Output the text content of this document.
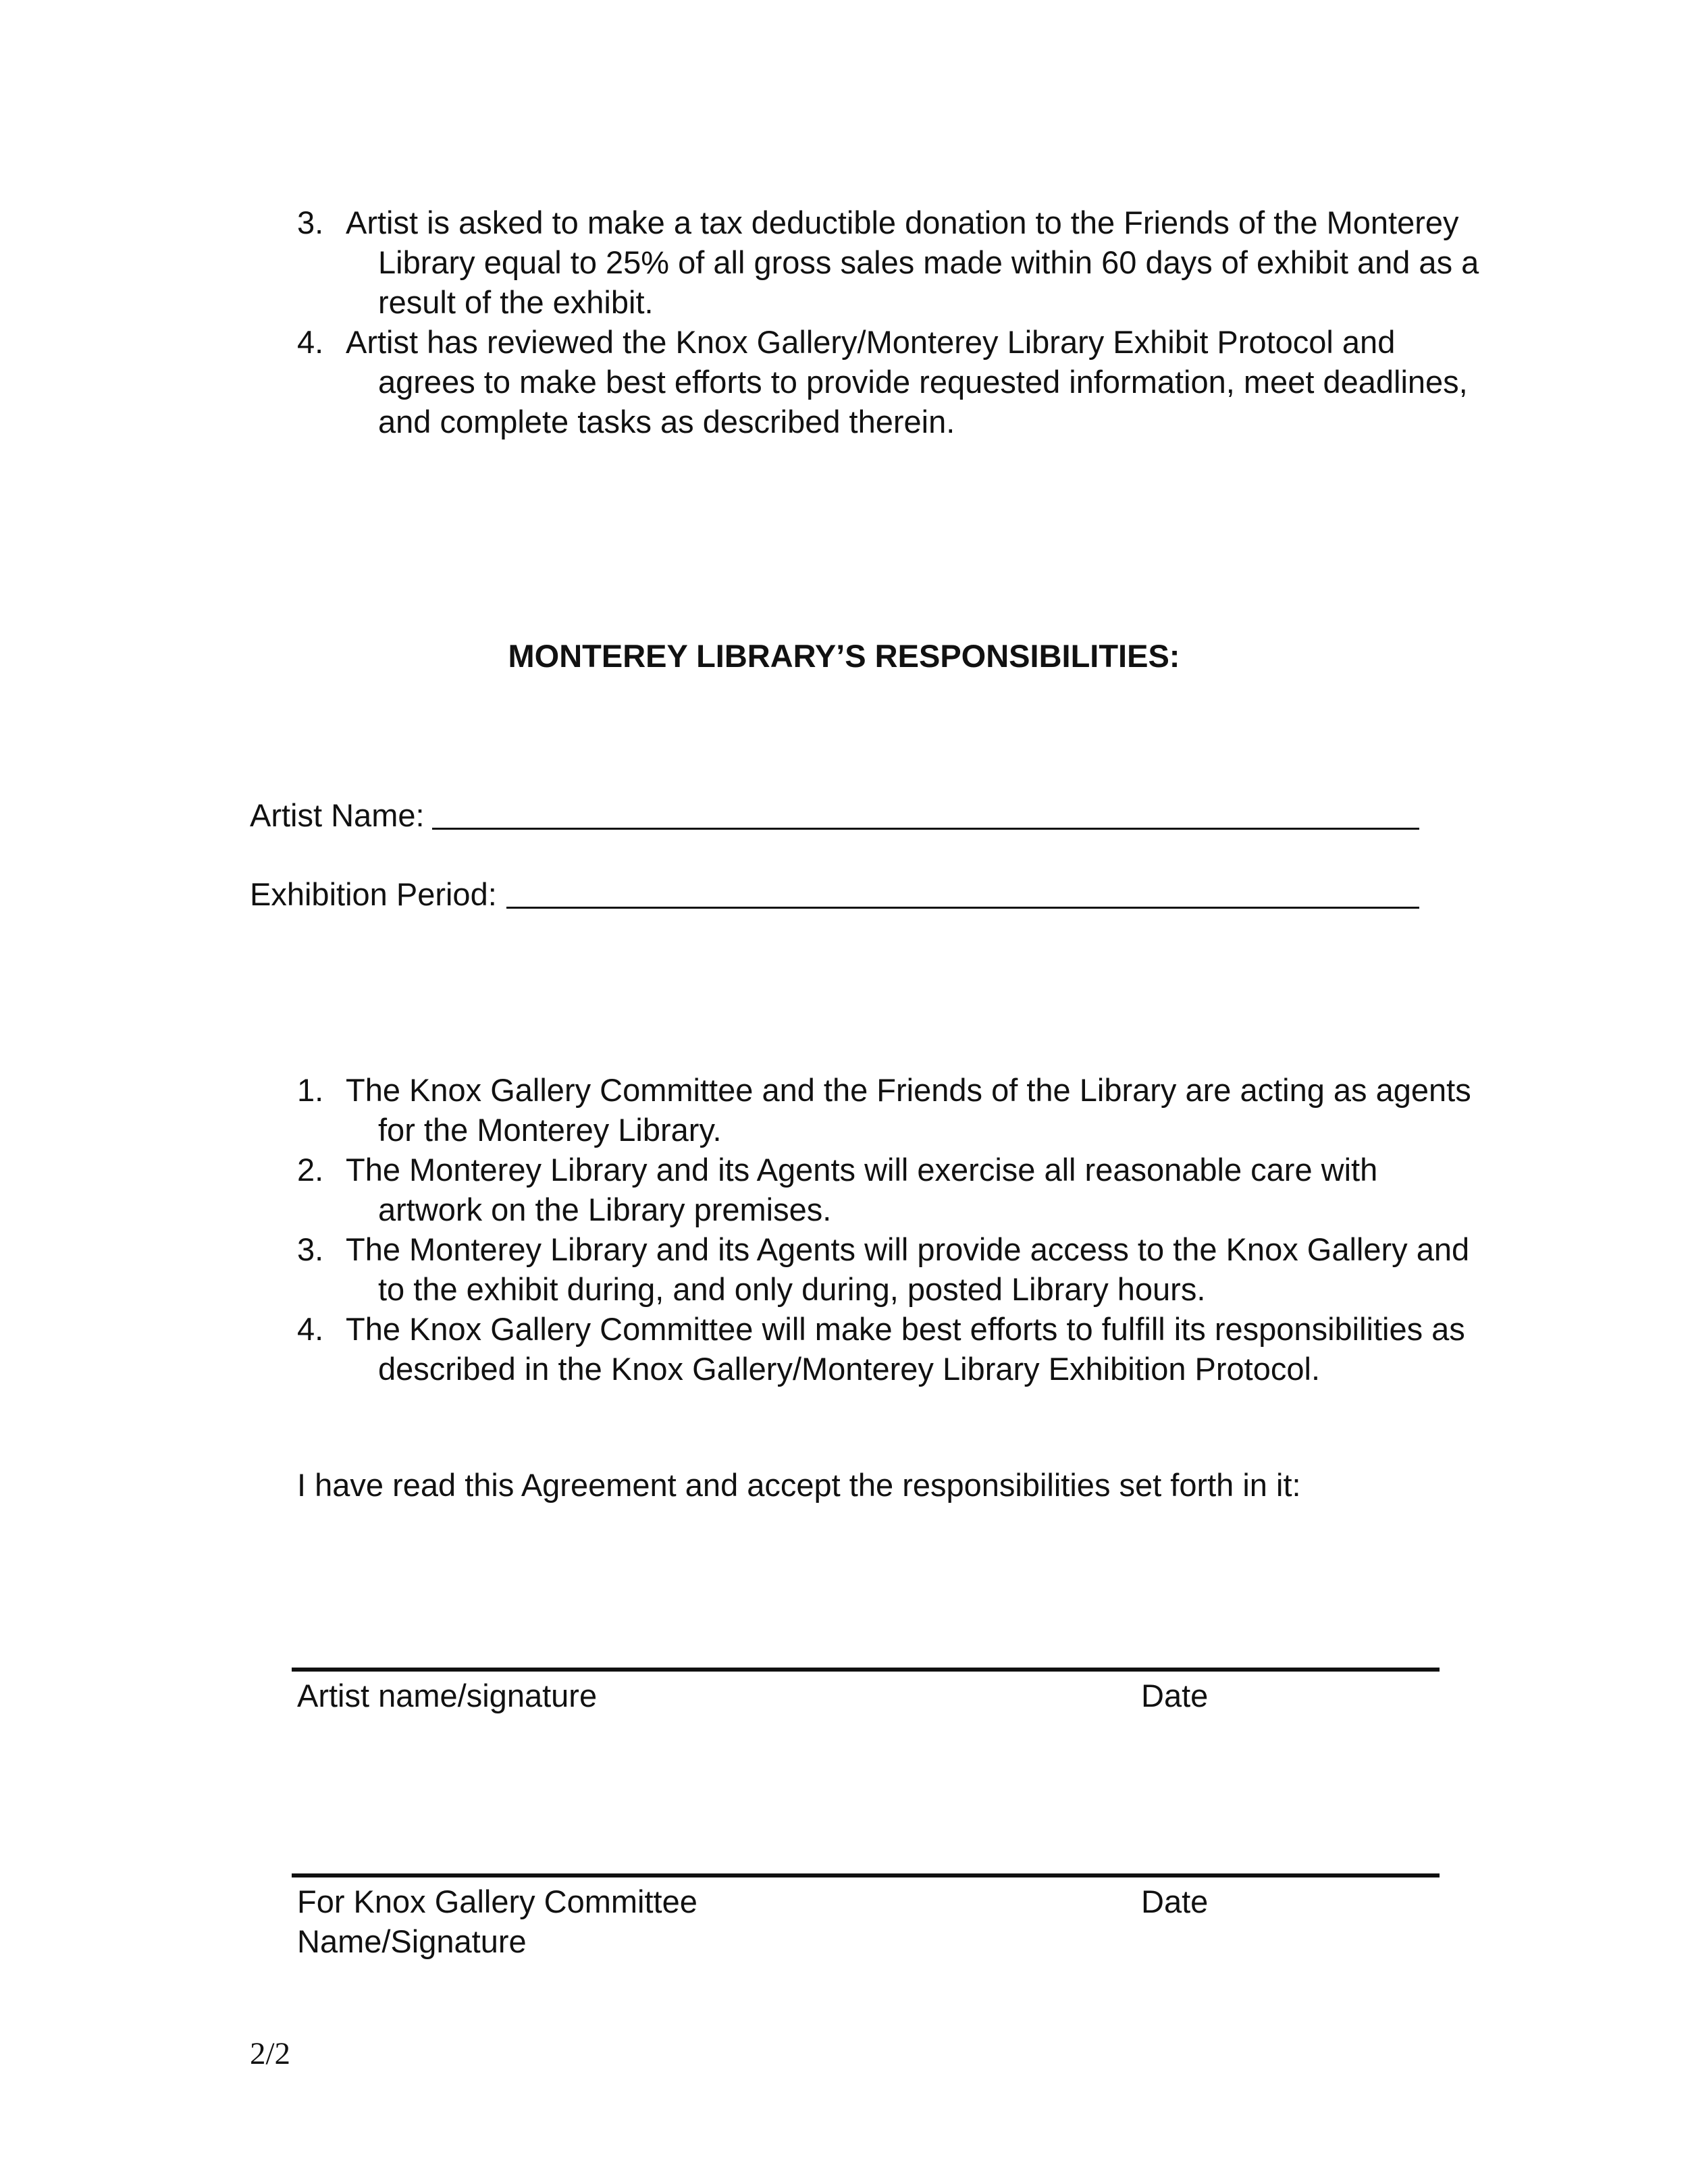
3. Artist is asked to make a tax deductible donation to the Friends of the Monterey Library equal to 25% of all gross sales made within 60 days of exhibit and as a result of the exhibit.
4. Artist has reviewed the Knox Gallery/Monterey Library Exhibit Protocol and agrees to make best efforts to provide requested information, meet deadlines, and complete tasks as described therein.
MONTEREY LIBRARY’S RESPONSIBILITIES:
Artist Name:
Exhibition Period:
1. The Knox Gallery Committee and the Friends of the Library are acting as agents for the Monterey Library.
2. The Monterey Library and its Agents will exercise all reasonable care with artwork on the Library premises.
3. The Monterey Library and its Agents will provide access to the Knox Gallery and to the exhibit during, and only during, posted Library hours.
4. The Knox Gallery Committee will make best efforts to fulfill its responsibilities as described in the Knox Gallery/Monterey Library Exhibition Protocol.
I have read this Agreement and accept the responsibilities set forth in it:
Artist name/signature	Date
For Knox Gallery Committee
Name/Signature
Date
2/2
